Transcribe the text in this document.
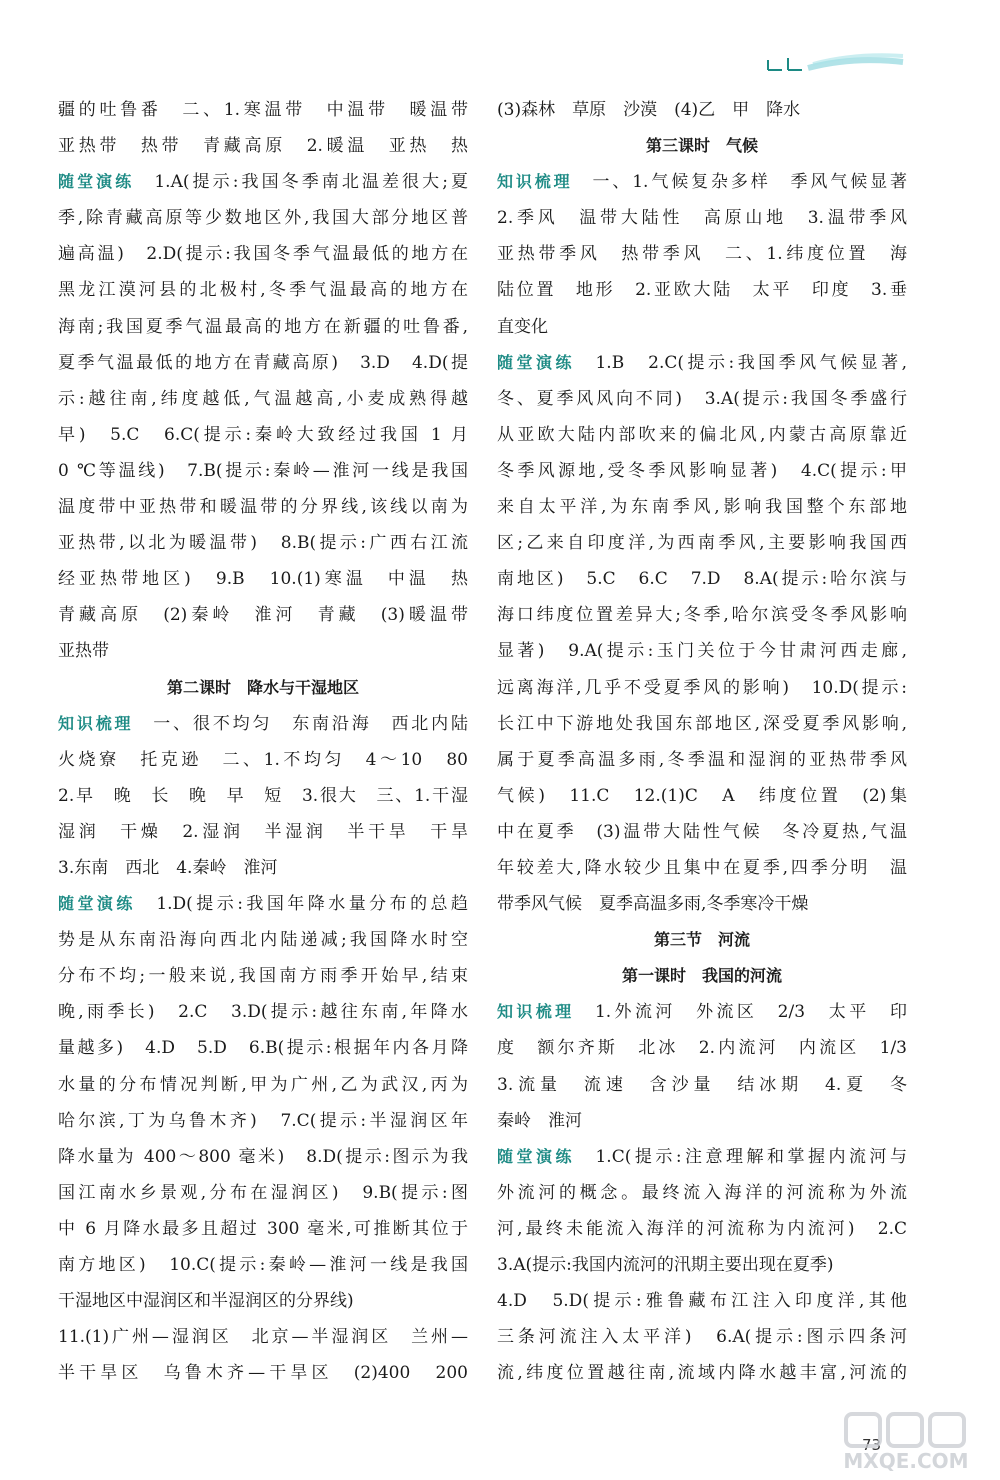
疆的吐鲁番　二、1.寒温带　中温带　暖温带
亚热带　热带　青藏高原　2.暖温　亚热　热
随堂演练　 1.A(提示:我国冬季南北温差很大;夏
季,除青藏高原等少数地区外,我国大部分地区普
遍高温)　2.D(提示:我国冬季气温最低的地方在
黑龙江漠河县的北极村,冬季气温最高的地方在
海南;我国夏季气温最高的地方在新疆的吐鲁番,
夏季气温最低的地方在青藏高原)　3.D　4.D(提
示:越往南,纬度越低,气温越高,小麦成熟得越
早)　5.C　6.C(提示:秦岭大致经过我国 1 月
0 ℃等温线)　7.B(提示:秦岭—淮河一线是我国
温度带中亚热带和暖温带的分界线,该线以南为
亚热带,以北为暖温带)　8.B(提示:广西右江流
经亚热带地区)　9.B　10.(1)寒温　中温　热
青藏高原　(2)秦岭　淮河　青藏　(3)暖温带
亚热带
第二课时　降水与干湿地区
知识梳理　 一、很不均匀　东南沿海　西北内陆
火烧寮　托克逊　二、1.不均匀　4～10　80
2.早　晚　长　晚　早　短　3.很大　三、1.干湿
湿润　干燥　2.湿润　半湿润　半干旱　干旱
3.东南　西北　4.秦岭　淮河
随堂演练　 1.D(提示:我国年降水量分布的总趋
势是从东南沿海向西北内陆递减;我国降水时空
分布不均;一般来说,我国南方雨季开始早,结束
晚,雨季长)　2.C　3.D(提示:越往东南,年降水
量越多)　4.D　5.D　6.B(提示:根据年内各月降
水量的分布情况判断,甲为广州,乙为武汉,丙为
哈尔滨,丁为乌鲁木齐)　7.C(提示:半湿润区年
降水量为 400～800 毫米)　8.D(提示:图示为我
国江南水乡景观,分布在湿润区)　9.B(提示:图
中 6 月降水最多且超过 300 毫米,可推断其位于
南方地区)　10.C(提示:秦岭—淮河一线是我国
干湿地区中湿润区和半湿润区的分界线)
11.(1)广州—湿润区　北京—半湿润区　兰州—
半干旱区　乌鲁木齐—干旱区　(2)400　200
(3)森林　草原　沙漠　(4)乙　甲　降水
第三课时　气候
知识梳理　 一、1.气候复杂多样　季风气候显著
2.季风　温带大陆性　高原山地　3.温带季风
亚热带季风　热带季风　二、1.纬度位置　海
陆位置　地形　2.亚欧大陆　太平　印度　3.垂
直变化
随堂演练　 1.B　2.C(提示:我国季风气候显著,
冬、夏季风风向不同)　3.A(提示:我国冬季盛行
从亚欧大陆内部吹来的偏北风,内蒙古高原靠近
冬季风源地,受冬季风影响显著)　4.C(提示:甲
来自太平洋,为东南季风,影响我国整个东部地
区;乙来自印度洋,为西南季风,主要影响我国西
南地区)　5.C　6.C　7.D　8.A(提示:哈尔滨与
海口纬度位置差异大;冬季,哈尔滨受冬季风影响
显著)　9.A(提示:玉门关位于今甘肃河西走廊,
远离海洋,几乎不受夏季风的影响)　10.D(提示:
长江中下游地处我国东部地区,深受夏季风影响,
属于夏季高温多雨,冬季温和湿润的亚热带季风
气候)　11.C　12.(1)C　A　纬度位置　(2)集
中在夏季　(3)温带大陆性气候　冬冷夏热,气温
年较差大,降水较少且集中在夏季,四季分明　温
带季风气候　夏季高温多雨,冬季寒冷干燥
第三节　河流
第一课时　我国的河流
知识梳理　 1.外流河　外流区　2/3　太平　印
度　额尔齐斯　北冰　2.内流河　内流区　1/3
3.流量　流速　含沙量　结冰期　4.夏　冬
秦岭　淮河
随堂演练　 1.C(提示:注意理解和掌握内流河与
外流河的概念。最终流入海洋的河流称为外流
河,最终未能流入海洋的河流称为内流河)　2.C
3.A(提示:我国内流河的汛期主要出现在夏季)
4.D　5.D(提示:雅鲁藏布江注入印度洋,其他
三条河流注入太平洋)　6.A(提示:图示四条河
流,纬度位置越往南,流域内降水越丰富,河流的
73
MXQE.COM
